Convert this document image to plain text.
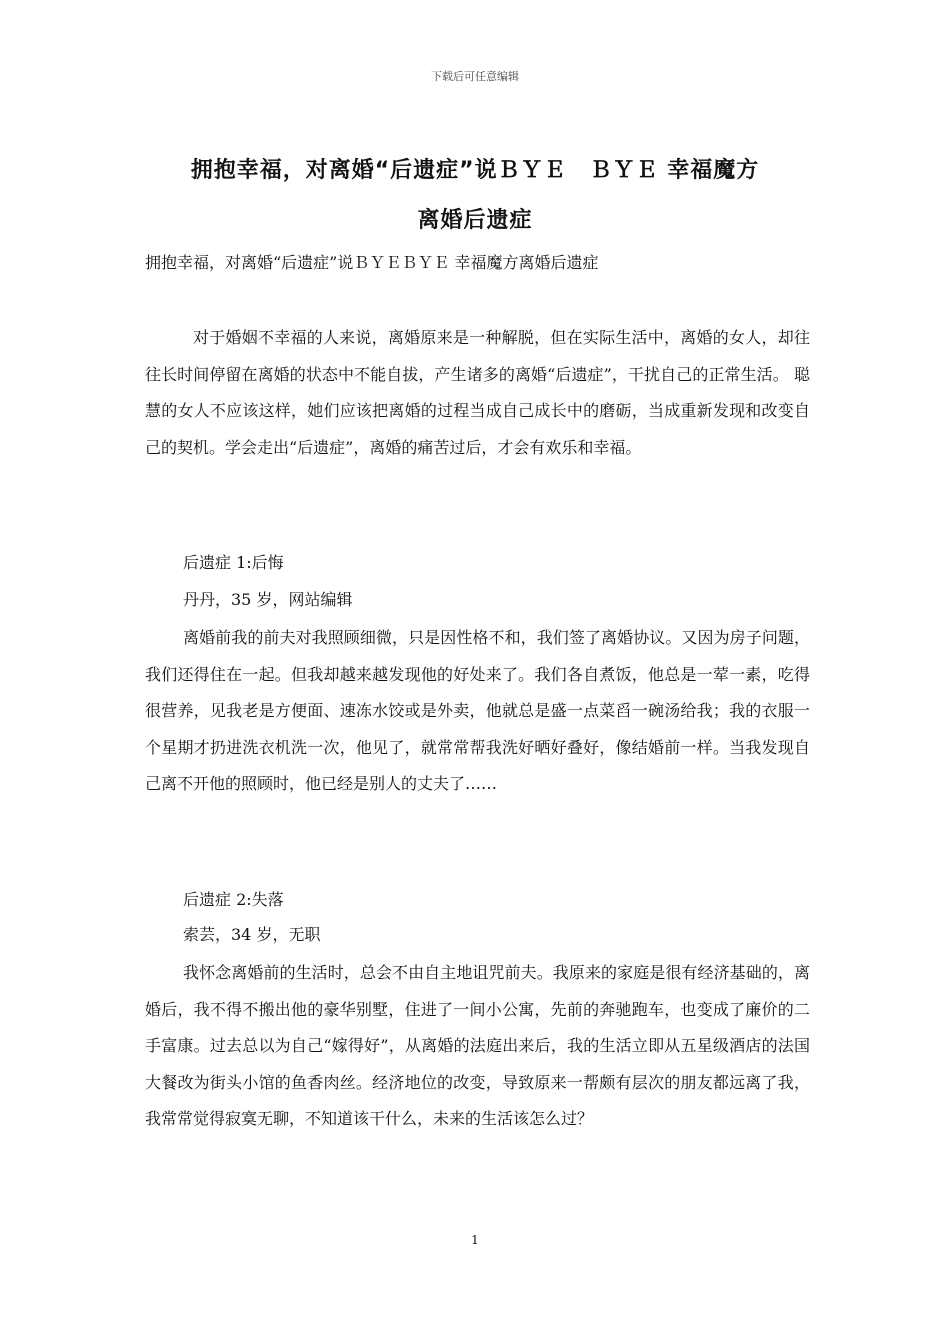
下载后可任意编辑
拥抱幸福，对离婚“后遗症”说ＢＹＥ　ＢＹＥ 幸福魔方
离婚后遗症
拥抱幸福，对离婚“后遗症”说ＢＹＥＢＹＥ 幸福魔方离婚后遗症

对于婚姻不幸福的人来说，离婚原来是一种解脱，但在实际生活中，离婚的女人，却往往长时间停留在离婚的状态中不能自拔，产生诸多的离婚“后遗症”，干扰自己的正常生活。 聪慧的女人不应该这样，她们应该把离婚的过程当成自己成长中的磨砺，当成重新发现和改变自己的契机。学会走出“后遗症”，离婚的痛苦过后，才会有欢乐和幸福。

后遗症 1:后悔
丹丹，35 岁，网站编辑

离婚前我的前夫对我照顾细微，只是因性格不和，我们签了离婚协议。又因为房子问题，我们还得住在一起。但我却越来越发现他的好处来了。我们各自煮饭，他总是一荤一素，吃得很营养，见我老是方便面、速冻水饺或是外卖，他就总是盛一点菜舀一碗汤给我；我的衣服一个星期才扔进洗衣机洗一次，他见了，就常常帮我洗好晒好叠好，像结婚前一样。当我发现自己离不开他的照顾时，他已经是别人的丈夫了……

后遗症 2:失落
索芸，34 岁，无职

我怀念离婚前的生活时，总会不由自主地诅咒前夫。我原来的家庭是很有经济基础的，离婚后，我不得不搬出他的豪华别墅，住进了一间小公寓，先前的奔驰跑车，也变成了廉价的二手富康。过去总以为自己“嫁得好”，从离婚的法庭出来后，我的生活立即从五星级酒店的法国大餐改为街头小馆的鱼香肉丝。经济地位的改变，导致原来一帮颇有层次的朋友都远离了我，我常常觉得寂寞无聊，不知道该干什么，未来的生活该怎么过？

1
